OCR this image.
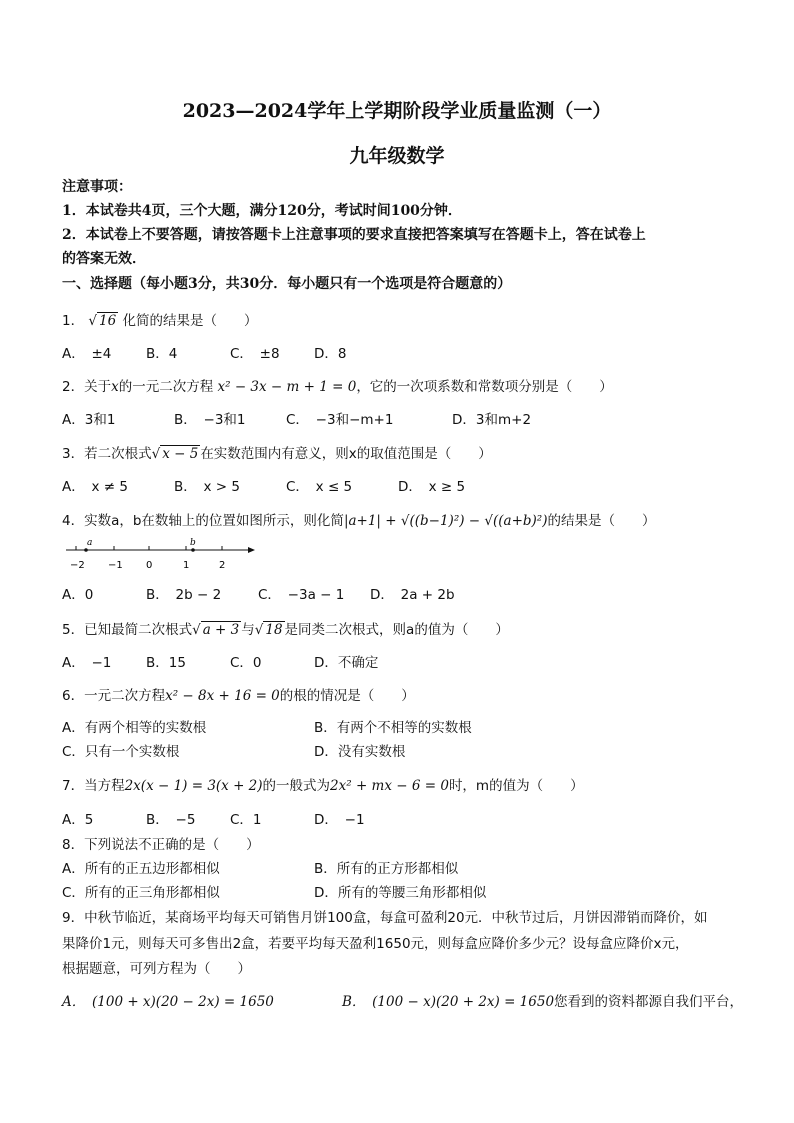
2023—2024学年上学期阶段学业质量监测（一）
九年级数学
注意事项：
1．本试卷共4页，三个大题，满分120分，考试时间100分钟．
2．本试卷上不要答题，请按答题卡上注意事项的要求直接把答案填写在答题卡上，答在试卷上
的答案无效．
一、选择题（每小题3分，共30分．每小题只有一个选项是符合题意的）
1． √ 16 化简的结果是（　　）
A．　±4	B．4	C．　±8	D．8
2．关于x的一元二次方程 x² − 3x − m + 1 = 0，它的一次项系数和常数项分别是（　　）
A．3和1	B．　−3和1	C．　−3和−m+1	D．3和m+2
3．若二次根式√ x − 5 在实数范围内有意义，则x的取值范围是（　　）
A．　x ≠ 5	B．　x > 5	C．　x ≤ 5	D．　x ≥ 5
4．实数a，b在数轴上的位置如图所示，则化简|a+1| + √((b−1)²) − √((a+b)²)的结果是（　　）
a	b
−2 −1 0	1	2
A．0	B．　2b − 2	C．　−3a − 1 D．　2a + 2b
5．已知最简二次根式√ a + 3 与√ 18 是同类二次根式，则a的值为（　　）
A．　−1	B．15	C．0	D．不确定
6．一元二次方程x² − 8x + 16 = 0的根的情况是（　　）
A．有两个相等的实数根	B．有两个不相等的实数根
C．只有一个实数根	D．没有实数根
7．当方程2x(x − 1) = 3(x + 2)的一般式为2x² + mx − 6 = 0时，m的值为（　　）
A．5	B．　−5	C．1	D．　−1
8．下列说法不正确的是（　　）
A．所有的正五边形都相似	B．所有的正方形都相似
C．所有的正三角形都相似	D．所有的等腰三角形都相似
9．中秋节临近，某商场平均每天可销售月饼100盒，每盒可盈利20元．中秋节过后，月饼因滞销而降价，如
果降价1元，则每天可多售出2盒，若要平均每天盈利1650元，则每盒应降价多少元？设每盒应降价x元，
根据题意，可列方程为（　　）
A．　(100 + x)(20 − 2x) = 1650	B．　(100 − x)(20 + 2x) = 1650您看到的资料都源自我们平台，
